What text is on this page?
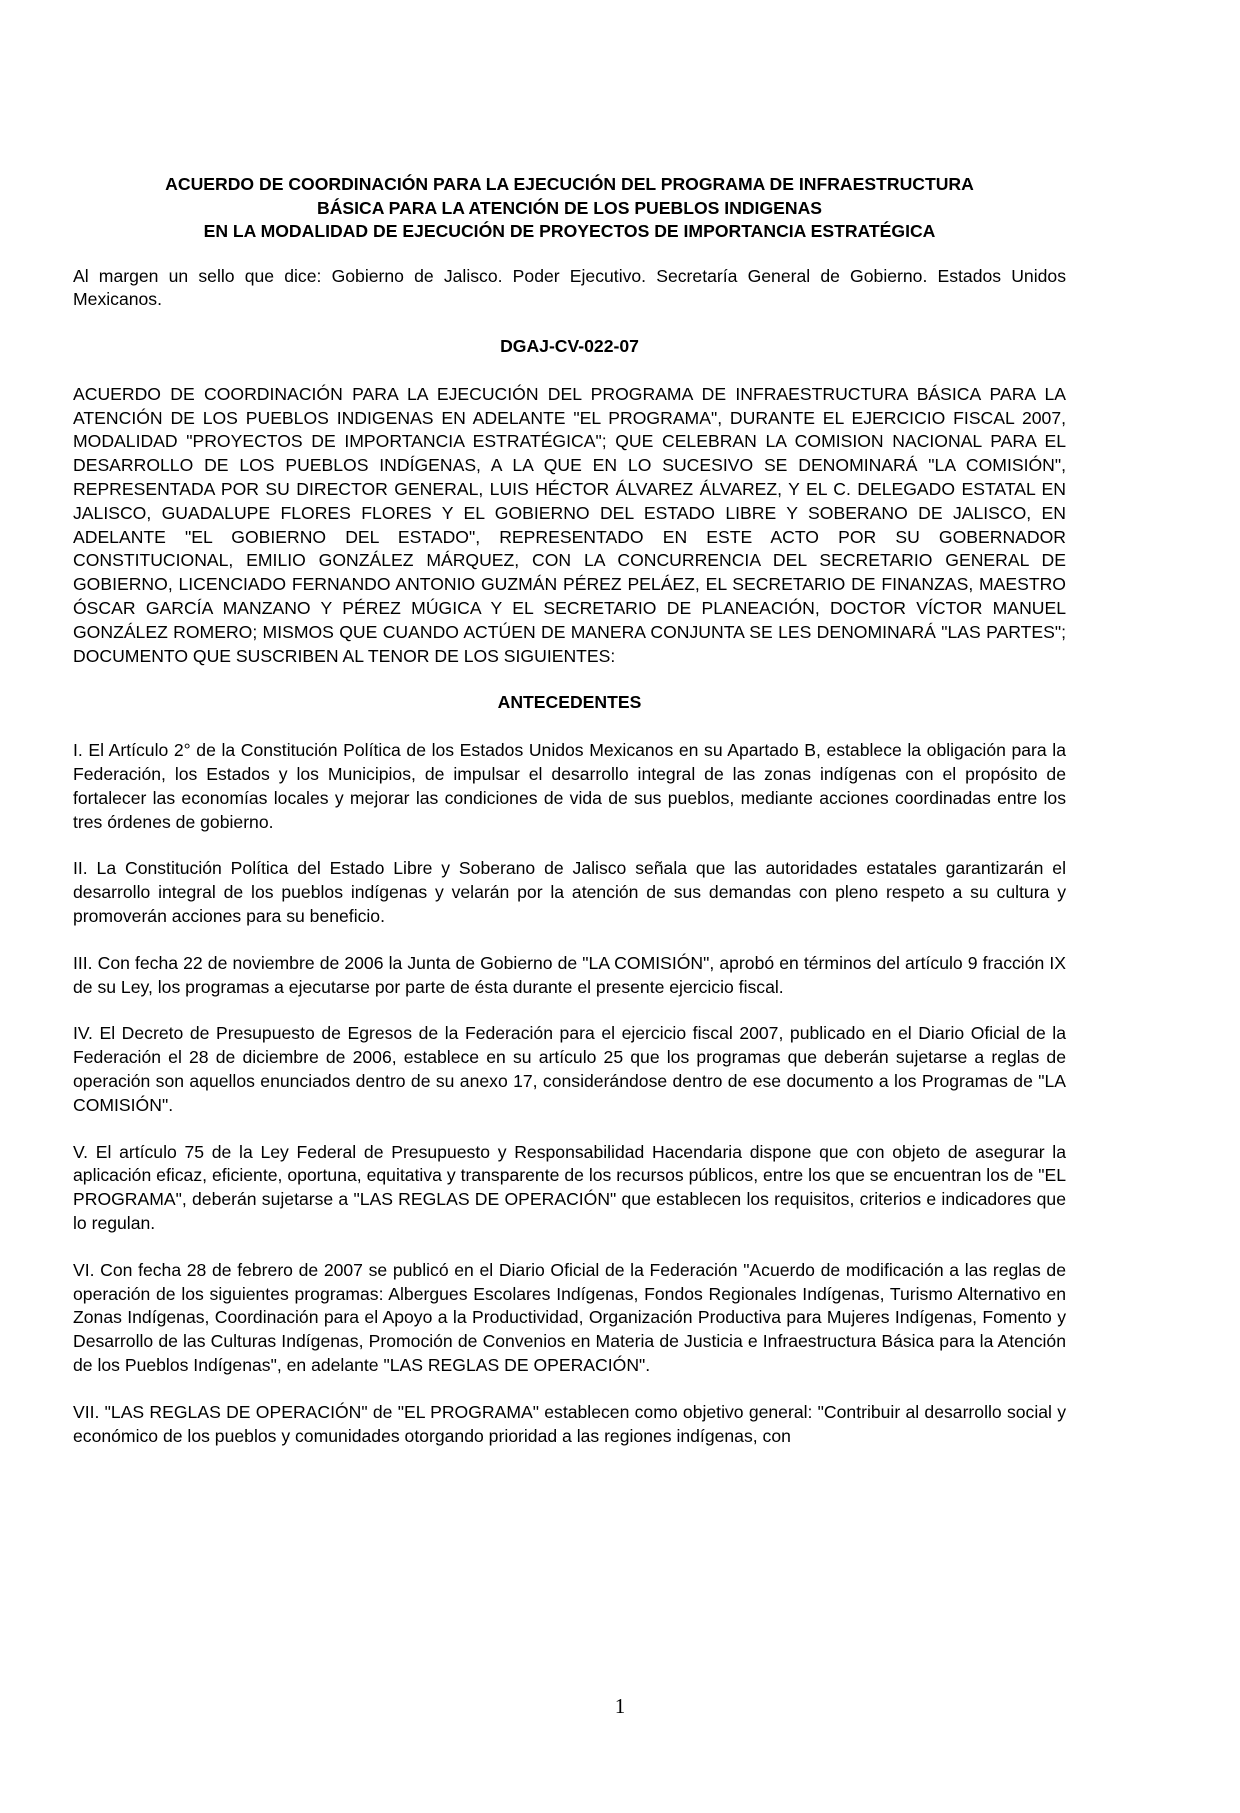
ACUERDO DE COORDINACIÓN PARA LA EJECUCIÓN DEL PROGRAMA DE INFRAESTRUCTURA
BÁSICA PARA LA ATENCIÓN DE LOS PUEBLOS INDIGENAS
EN LA MODALIDAD DE EJECUCIÓN DE PROYECTOS DE IMPORTANCIA ESTRATÉGICA

Al margen un sello que dice: Gobierno de Jalisco. Poder Ejecutivo. Secretaría General de Gobierno. Estados Unidos Mexicanos.

DGAJ-CV-022-07

ACUERDO DE COORDINACIÓN PARA LA EJECUCIÓN DEL PROGRAMA DE INFRAESTRUCTURA BÁSICA PARA LA ATENCIÓN DE LOS PUEBLOS INDIGENAS EN ADELANTE "EL PROGRAMA", DURANTE EL EJERCICIO FISCAL 2007, MODALIDAD "PROYECTOS DE IMPORTANCIA ESTRATÉGICA"; QUE CELEBRAN LA COMISION NACIONAL PARA EL DESARROLLO DE LOS PUEBLOS INDÍGENAS, A LA QUE EN LO SUCESIVO SE DENOMINARÁ "LA COMISIÓN", REPRESENTADA POR SU DIRECTOR GENERAL, LUIS HÉCTOR ÁLVAREZ ÁLVAREZ, Y EL C. DELEGADO ESTATAL EN JALISCO, GUADALUPE FLORES FLORES Y EL GOBIERNO DEL ESTADO LIBRE Y SOBERANO DE JALISCO, EN ADELANTE "EL GOBIERNO DEL ESTADO", REPRESENTADO EN ESTE ACTO POR SU GOBERNADOR CONSTITUCIONAL, EMILIO GONZÁLEZ MÁRQUEZ, CON LA CONCURRENCIA DEL SECRETARIO GENERAL DE GOBIERNO, LICENCIADO FERNANDO ANTONIO GUZMÁN PÉREZ PELÁEZ, EL SECRETARIO DE FINANZAS, MAESTRO ÓSCAR GARCÍA MANZANO Y PÉREZ MÚGICA Y EL SECRETARIO DE PLANEACIÓN, DOCTOR VÍCTOR MANUEL GONZÁLEZ ROMERO; MISMOS QUE CUANDO ACTÚEN DE MANERA CONJUNTA SE LES DENOMINARÁ "LAS PARTES"; DOCUMENTO QUE SUSCRIBEN AL TENOR DE LOS SIGUIENTES:

ANTECEDENTES

I. El Artículo 2° de la Constitución Política de los Estados Unidos Mexicanos en su Apartado B, establece la obligación para la Federación, los Estados y los Municipios, de impulsar el desarrollo integral de las zonas indígenas con el propósito de fortalecer las economías locales y mejorar las condiciones de vida de sus pueblos, mediante acciones coordinadas entre los tres órdenes de gobierno.

II. La Constitución Política del Estado Libre y Soberano de Jalisco señala que las autoridades estatales garantizarán el desarrollo integral de los pueblos indígenas y velarán por la atención de sus demandas con pleno respeto a su cultura y promoverán acciones para su beneficio.

III. Con fecha 22 de noviembre de 2006 la Junta de Gobierno de "LA COMISIÓN", aprobó en términos del artículo 9 fracción IX de su Ley, los programas a ejecutarse por parte de ésta durante el presente ejercicio fiscal.

IV. El Decreto de Presupuesto de Egresos de la Federación para el ejercicio fiscal 2007, publicado en el Diario Oficial de la Federación el 28 de diciembre de 2006, establece en su artículo 25 que los programas que deberán sujetarse a reglas de operación son aquellos enunciados dentro de su anexo 17, considerándose dentro de ese documento a los Programas de "LA COMISIÓN".

V. El artículo 75 de la Ley Federal de Presupuesto y Responsabilidad Hacendaria dispone que con objeto de asegurar la aplicación eficaz, eficiente, oportuna, equitativa y transparente de los recursos públicos, entre los que se encuentran los de "EL PROGRAMA", deberán sujetarse a "LAS REGLAS DE OPERACIÓN" que establecen los requisitos, criterios e indicadores que lo regulan.

VI. Con fecha 28 de febrero de 2007 se publicó en el Diario Oficial de la Federación "Acuerdo de modificación a las reglas de operación de los siguientes programas: Albergues Escolares Indígenas, Fondos Regionales Indígenas, Turismo Alternativo en Zonas Indígenas, Coordinación para el Apoyo a la Productividad, Organización Productiva para Mujeres Indígenas, Fomento y Desarrollo de las Culturas Indígenas, Promoción de Convenios en Materia de Justicia e Infraestructura Básica para la Atención de los Pueblos Indígenas", en adelante "LAS REGLAS DE OPERACIÓN".

VII. "LAS REGLAS DE OPERACIÓN" de "EL PROGRAMA" establecen como objetivo general: "Contribuir al desarrollo social y económico de los pueblos y comunidades otorgando prioridad a las regiones indígenas, con

1
